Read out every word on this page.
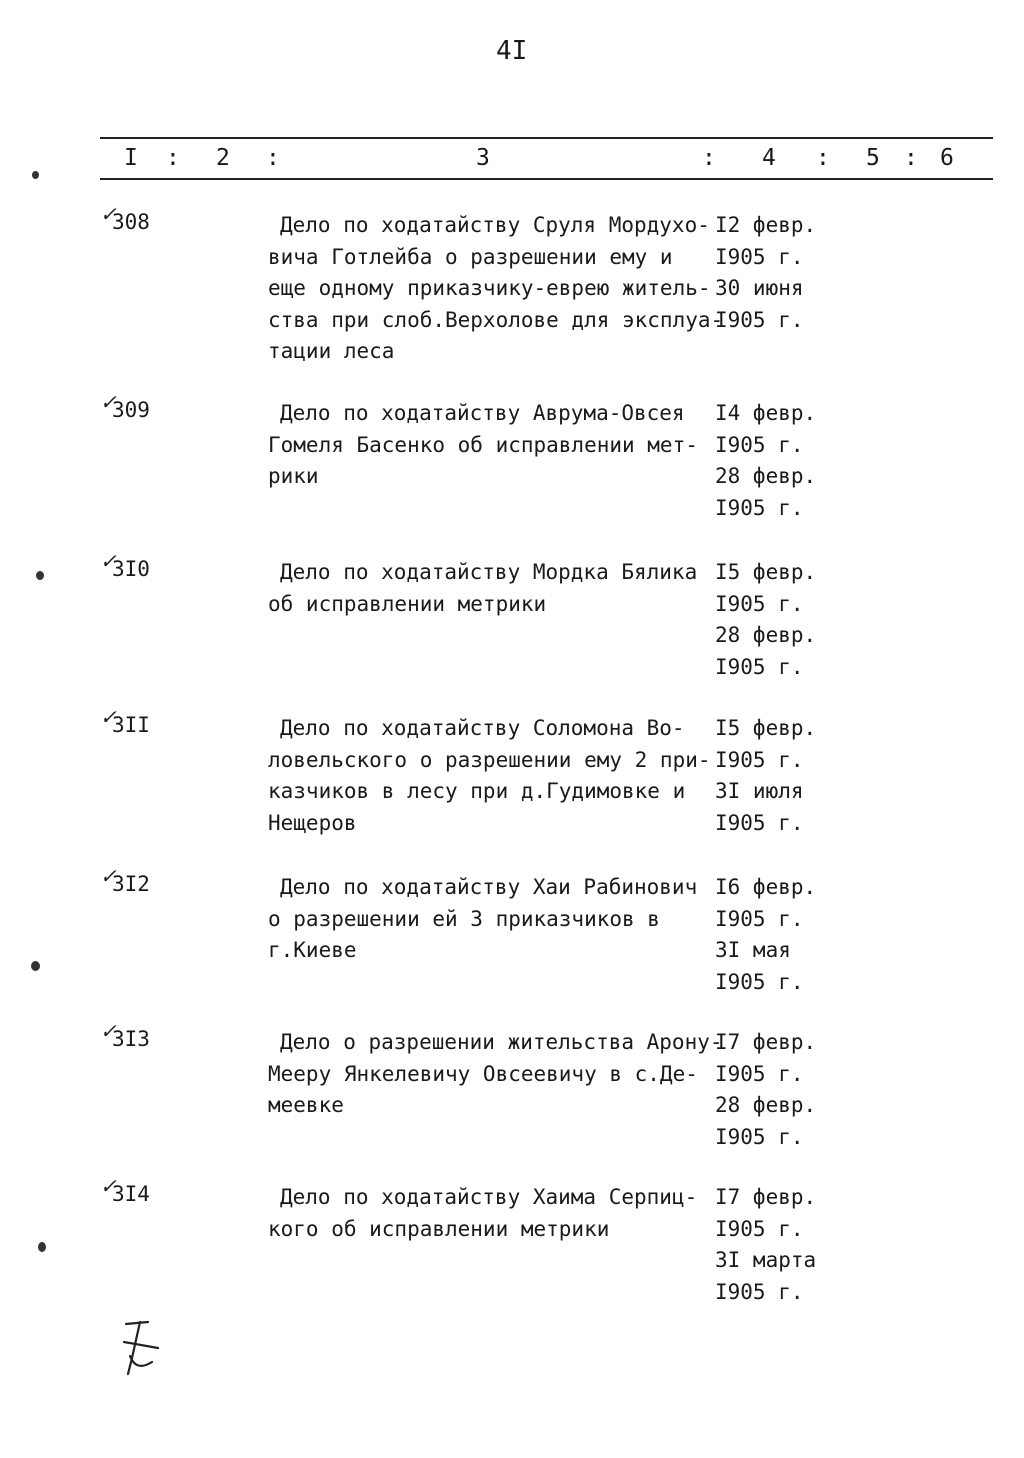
4I
I : 2 :	3	: 4 : 5 : 6
✓
308	Дело по ходатайству Сруля Мордухо-
вича Готлейба о разрешении ему и
еще одному приказчику-еврею житель-
ства при слоб.Верхолове для эксплуа-
тации леса
I2 февр.
I905 г.
30 июня
I905 г.
✓
309	Дело по ходатайству Аврума-Овсея
Гомеля Басенко об исправлении мет-
рики
I4 февр.
I905 г.
28 февр.
I905 г.
✓
3I0	Дело по ходатайству Мордка Бялика
об исправлении метрики
I5 февр.
I905 г.
28 февр.
I905 г.
✓
3II	Дело по ходатайству Соломона Во-
ловельского о разрешении ему 2 при-
казчиков в лесу при д.Гудимовке и
Нещеров
I5 февр.
I905 г.
3I июля
I905 г.
✓
3I2	Дело по ходатайству Хаи Рабинович
о разрешении ей 3 приказчиков в
г.Киеве
I6 февр.
I905 г.
3I мая
I905 г.
✓
3I3	Дело о разрешении жительства Арону-
Мееру Янкелевичу Овсеевичу в с.Де-
меевке
I7 февр.
I905 г.
28 февр.
I905 г.
✓
3I4	Дело по ходатайству Хаима Серпиц-
кого об исправлении метрики
I7 февр.
I905 г.
3I марта
I905 г.
